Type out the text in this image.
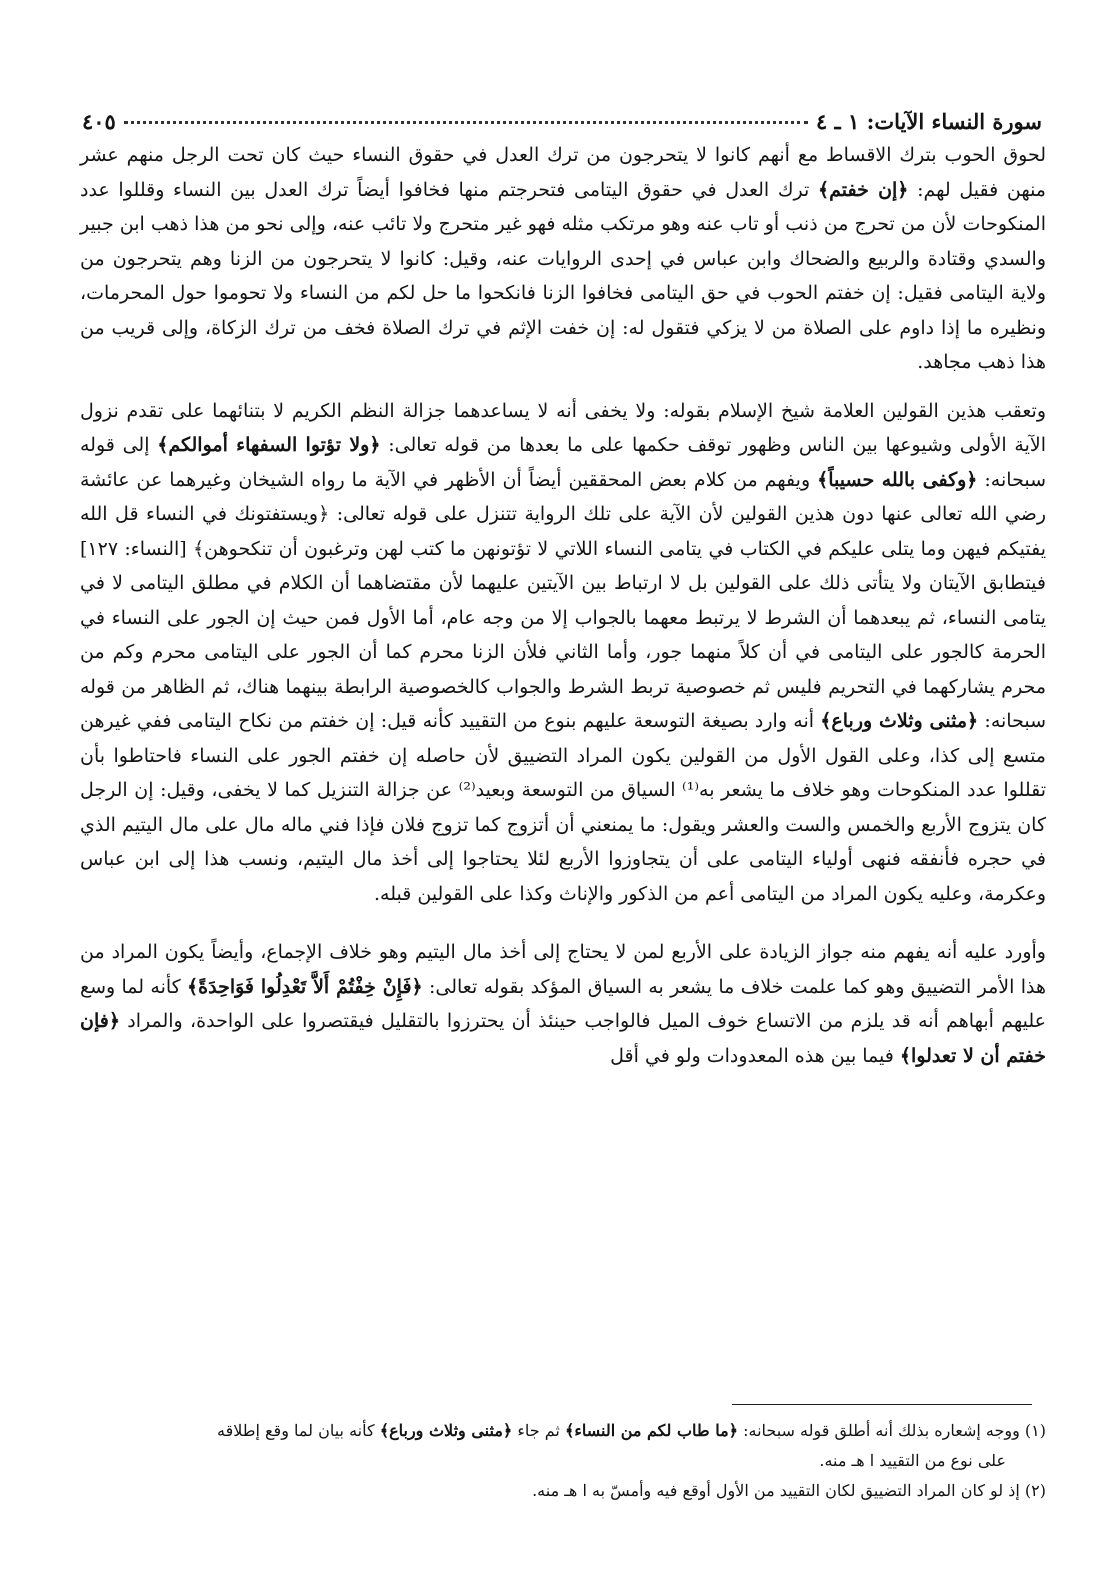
سورة النساء الآيات: ١ ـ ٤
٤٠٥

لحوق الحوب بترك الاقساط مع أنهم كانوا لا يتحرجون من ترك العدل في حقوق النساء حيث كان تحت الرجل منهم عشر منهن فقيل لهم: ﴿إن خفتم﴾ ترك العدل في حقوق اليتامى فتحرجتم منها فخافوا أيضاً ترك العدل بين النساء وقللوا عدد المنكوحات لأن من تحرج من ذنب أو تاب عنه وهو مرتكب مثله فهو غير متحرج ولا تائب عنه، وإلى نحو من هذا ذهب ابن جبير والسدي وقتادة والربيع والضحاك وابن عباس في إحدى الروايات عنه، وقيل: كانوا لا يتحرجون من الزنا وهم يتحرجون من ولاية اليتامى فقيل: إن خفتم الحوب في حق اليتامى فخافوا الزنا فانكحوا ما حل لكم من النساء ولا تحوموا حول المحرمات، ونظيره ما إذا داوم على الصلاة من لا يزكي فتقول له: إن خفت الإثم في ترك الصلاة فخف من ترك الزكاة، وإلى قريب من هذا ذهب مجاهد.

وتعقب هذين القولين العلامة شيخ الإسلام بقوله: ولا يخفى أنه لا يساعدهما جزالة النظم الكريم لا بتنائهما على تقدم نزول الآية الأولى وشيوعها بين الناس وظهور توقف حكمها على ما بعدها من قوله تعالى: ﴿ولا تؤتوا السفهاء أموالكم﴾ إلى قوله سبحانه: ﴿وكفى بالله حسيباً﴾ ويفهم من كلام بعض المحققين أيضاً أن الأظهر في الآية ما رواه الشيخان وغيرهما عن عائشة رضي الله تعالى عنها دون هذين القولين لأن الآية على تلك الرواية تتنزل على قوله تعالى: ﴿ويستفتونك في النساء قل الله يفتيكم فيهن وما يتلى عليكم في الكتاب في يتامى النساء اللاتي لا تؤتونهن ما كتب لهن وترغبون أن تنكحوهن﴾ [النساء: ١٢٧] فيتطابق الآيتان ولا يتأتى ذلك على القولين بل لا ارتباط بين الآيتين عليهما لأن مقتضاهما أن الكلام في مطلق اليتامى لا في يتامى النساء، ثم يبعدهما أن الشرط لا يرتبط معهما بالجواب إلا من وجه عام، أما الأول فمن حيث إن الجور على النساء في الحرمة كالجور على اليتامى في أن كلاً منهما جور، وأما الثاني فلأن الزنا محرم كما أن الجور على اليتامى محرم وكم من محرم يشاركهما في التحريم فليس ثم خصوصية تربط الشرط والجواب كالخصوصية الرابطة بينهما هناك، ثم الظاهر من قوله سبحانه: ﴿مثنى وثلاث ورباع﴾ أنه وارد بصيغة التوسعة عليهم بنوع من التقييد كأنه قيل: إن خفتم من نكاح اليتامى ففي غيرهن متسع إلى كذا، وعلى القول الأول من القولين يكون المراد التضييق لأن حاصله إن خفتم الجور على النساء فاحتاطوا بأن تقللوا عدد المنكوحات وهو خلاف ما يشعر به⁽¹⁾ السياق من التوسعة وبعيد⁽²⁾ عن جزالة التنزيل كما لا يخفى، وقيل: إن الرجل كان يتزوج الأربع والخمس والست والعشر ويقول: ما يمنعني أن أتزوج كما تزوج فلان فإذا فني ماله مال على مال اليتيم الذي في حجره فأنفقه فنهى أولياء اليتامى على أن يتجاوزوا الأربع لئلا يحتاجوا إلى أخذ مال اليتيم، ونسب هذا إلى ابن عباس وعكرمة، وعليه يكون المراد من اليتامى أعم من الذكور والإناث وكذا على القولين قبله.

وأورد عليه أنه يفهم منه جواز الزيادة على الأربع لمن لا يحتاج إلى أخذ مال اليتيم وهو خلاف الإجماع، وأيضاً يكون المراد من هذا الأمر التضييق وهو كما علمت خلاف ما يشعر به السياق المؤكد بقوله تعالى: ﴿فَإِنْ خِفْتُمْ أَلاَّ تَعْدِلُوا فَوَاحِدَةً﴾ كأنه لما وسع عليهم أبهاهم أنه قد يلزم من الاتساع خوف الميل فالواجب حينئذ أن يحترزوا بالتقليل فيقتصروا على الواحدة، والمراد ﴿فإن خفتم أن لا تعدلوا﴾ فيما بين هذه المعدودات ولو في أقل

(١) ووجه إشعاره بذلك أنه أطلق قوله سبحانه: ﴿ما طاب لكم من النساء﴾ ثم جاء ﴿مثنى وثلاث ورباع﴾ كأنه بيان لما وقع إطلاقه

على نوع من التقييد ا هـ منه.

(٢) إذ لو كان المراد التضييق لكان التقييد من الأول أوقع فيه وأمسّ به ا هـ منه.
